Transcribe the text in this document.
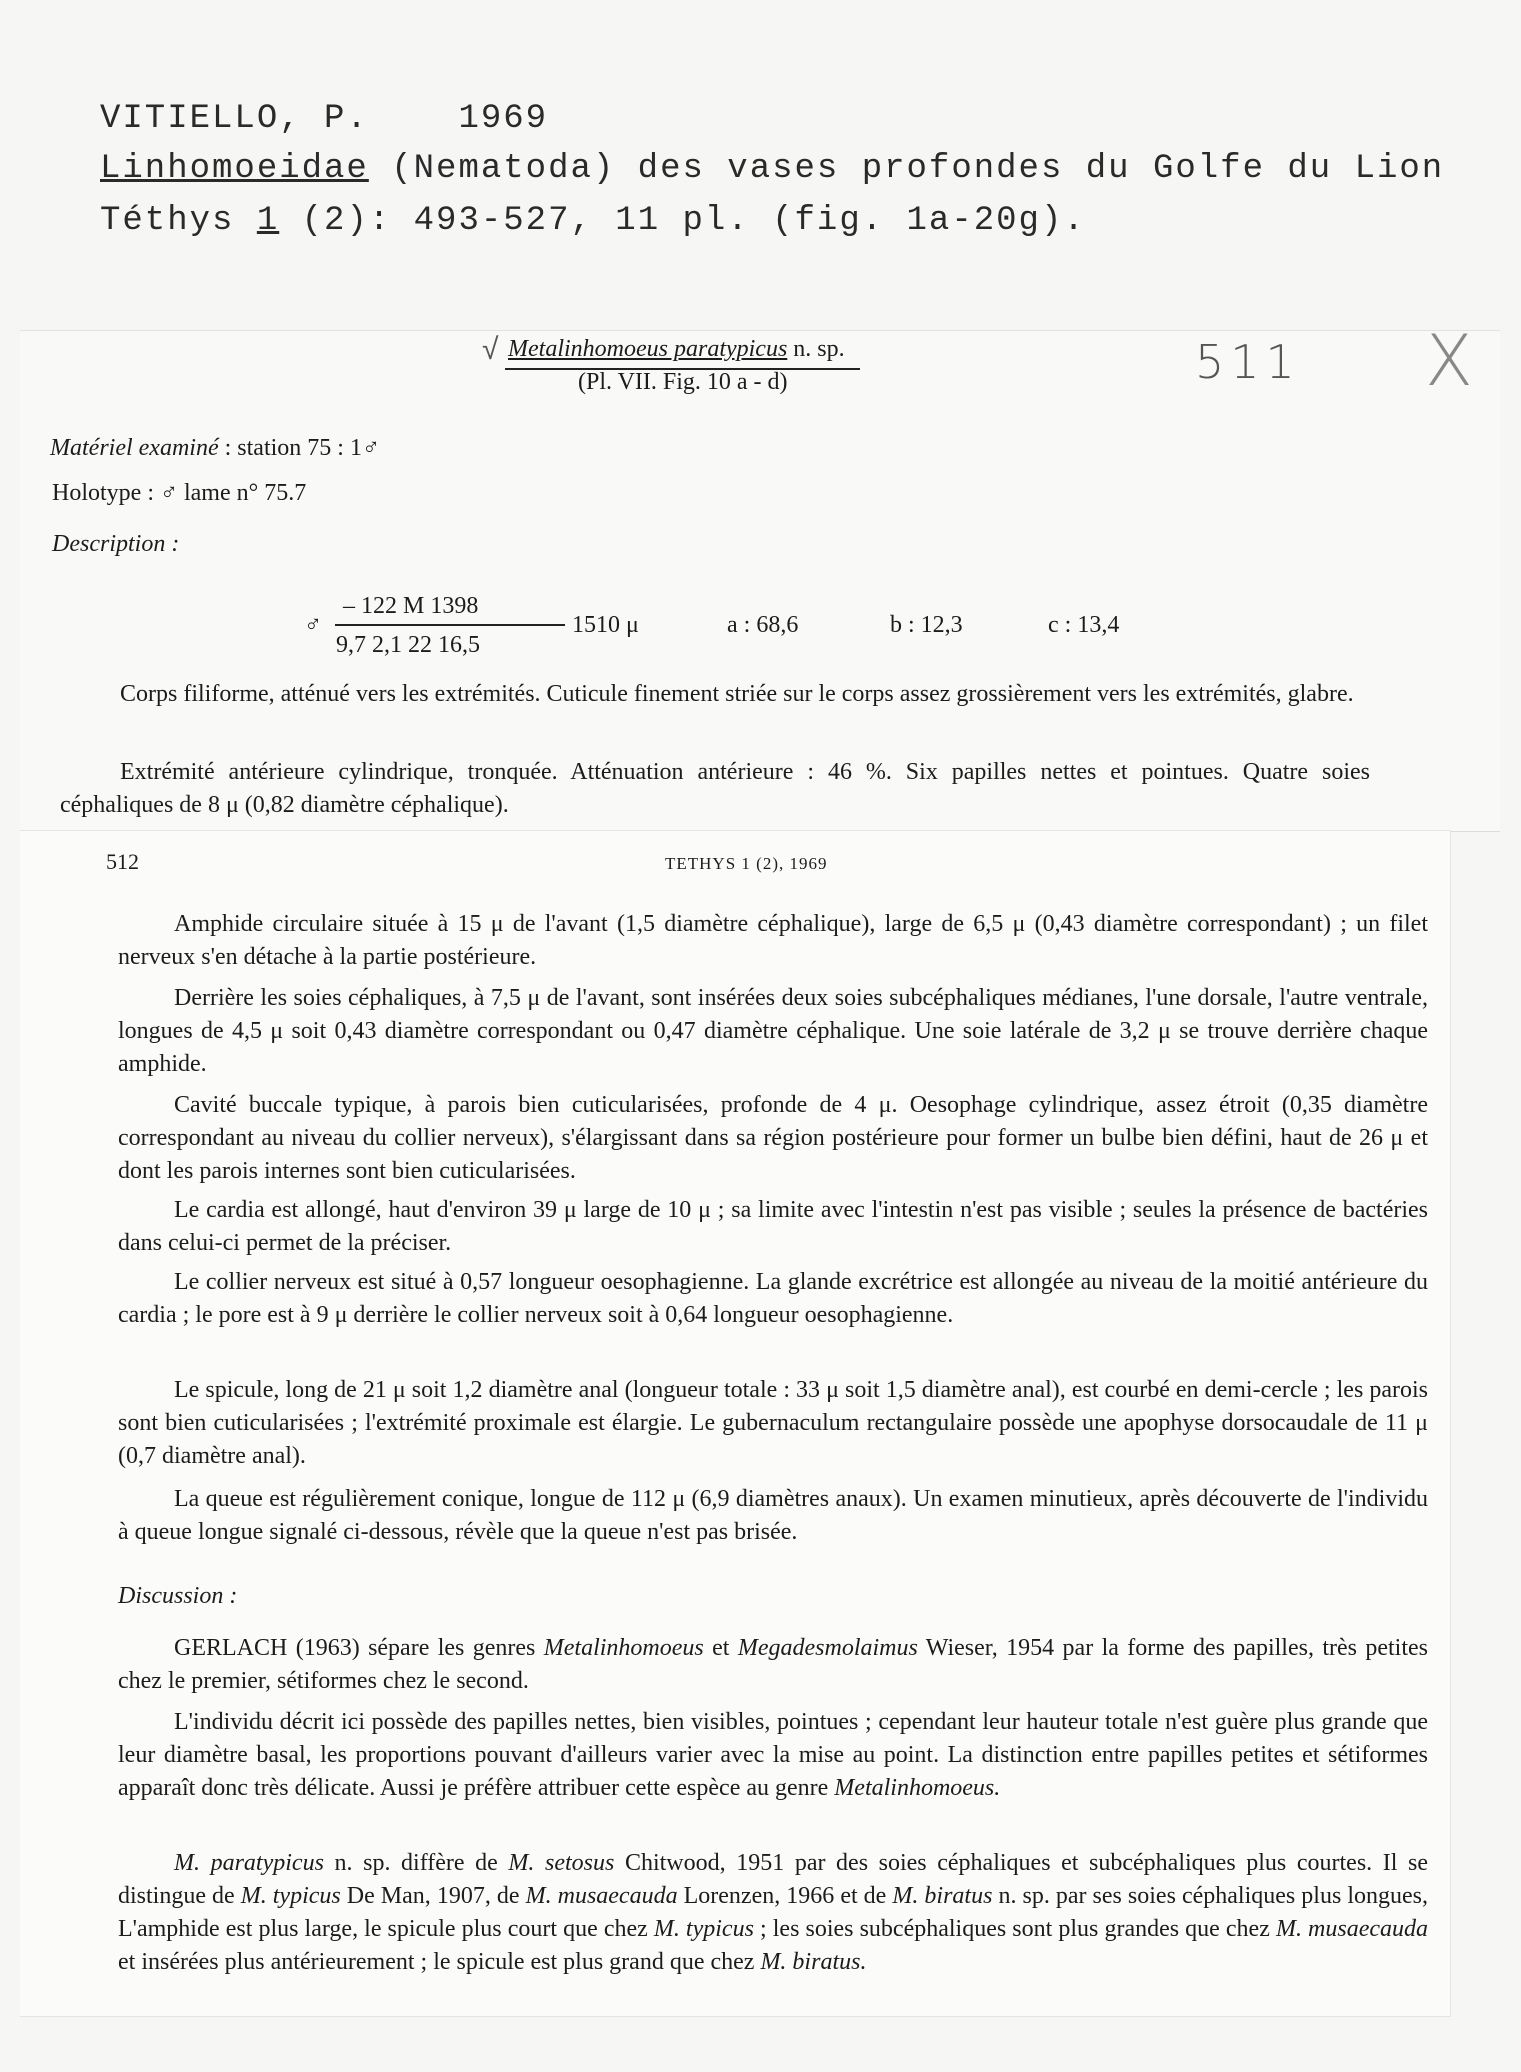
VITIELLO, P.	1969
Linhomoeidae (Nematoda) des vases profondes du Golfe du Lion
Téthys 1 (2): 493-527, 11 pl. (fig. 1a-20g).
√	511 X
Metalinhomoeus paratypicus n. sp.
(Pl. VII. Fig. 10 a - d)
Matériel examiné : station 75 : 1♂
Holotype : ♂ lame n° 75.7
Description :
♂
– 122 M 1398
9,7 2,1 22 16,5
1510 μ	a : 68,6	b : 12,3	c : 13,4
Corps filiforme, atténué vers les extrémités. Cuticule finement striée sur le corps assez grossièrement vers les extrémités, glabre.
Extrémité antérieure cylindrique, tronquée. Atténuation antérieure : 46 %. Six papilles nettes et pointues. Quatre soies céphaliques de 8 μ (0,82 diamètre céphalique).
512	TETHYS 1 (2), 1969
Amphide circulaire située à 15 μ de l'avant (1,5 diamètre céphalique), large de 6,5 μ (0,43 diamètre correspondant) ; un filet nerveux s'en détache à la partie postérieure.
Derrière les soies céphaliques, à 7,5 μ de l'avant, sont insérées deux soies subcéphaliques médianes, l'une dorsale, l'autre ventrale, longues de 4,5 μ soit 0,43 diamètre correspondant ou 0,47 diamètre céphalique. Une soie latérale de 3,2 μ se trouve derrière chaque amphide.
Cavité buccale typique, à parois bien cuticularisées, profonde de 4 μ. Oesophage cylindrique, assez étroit (0,35 diamètre correspondant au niveau du collier nerveux), s'élargissant dans sa région postérieure pour former un bulbe bien défini, haut de 26 μ et dont les parois internes sont bien cuticularisées.
Le cardia est allongé, haut d'environ 39 μ large de 10 μ ; sa limite avec l'intestin n'est pas visible ; seules la présence de bactéries dans celui-ci permet de la préciser.
Le collier nerveux est situé à 0,57 longueur oesophagienne. La glande excrétrice est allongée au niveau de la moitié antérieure du cardia ; le pore est à 9 μ derrière le collier nerveux soit à 0,64 longueur oesophagienne.
Le spicule, long de 21 μ soit 1,2 diamètre anal (longueur totale : 33 μ soit 1,5 diamètre anal), est courbé en demi-cercle ; les parois sont bien cuticularisées ; l'extrémité proximale est élargie. Le gubernaculum rectangulaire possède une apophyse dorsocaudale de 11 μ (0,7 diamètre anal).
La queue est régulièrement conique, longue de 112 μ (6,9 diamètres anaux). Un examen minutieux, après découverte de l'individu à queue longue signalé ci-dessous, révèle que la queue n'est pas brisée.
Discussion :
GERLACH (1963) sépare les genres Metalinhomoeus et Megadesmolaimus Wieser, 1954 par la forme des papilles, très petites chez le premier, sétiformes chez le second.
L'individu décrit ici possède des papilles nettes, bien visibles, pointues ; cependant leur hauteur totale n'est guère plus grande que leur diamètre basal, les proportions pouvant d'ailleurs varier avec la mise au point. La distinction entre papilles petites et sétiformes apparaît donc très délicate. Aussi je préfère attribuer cette espèce au genre Metalinhomoeus.
M. paratypicus n. sp. diffère de M. setosus Chitwood, 1951 par des soies céphaliques et subcéphaliques plus courtes. Il se distingue de M. typicus De Man, 1907, de M. musaecauda Lorenzen, 1966 et de M. biratus n. sp. par ses soies céphaliques plus longues, L'amphide est plus large, le spicule plus court que chez M. typicus ; les soies subcéphaliques sont plus grandes que chez M. musaecauda et insérées plus antérieurement ; le spicule est plus grand que chez M. biratus.
